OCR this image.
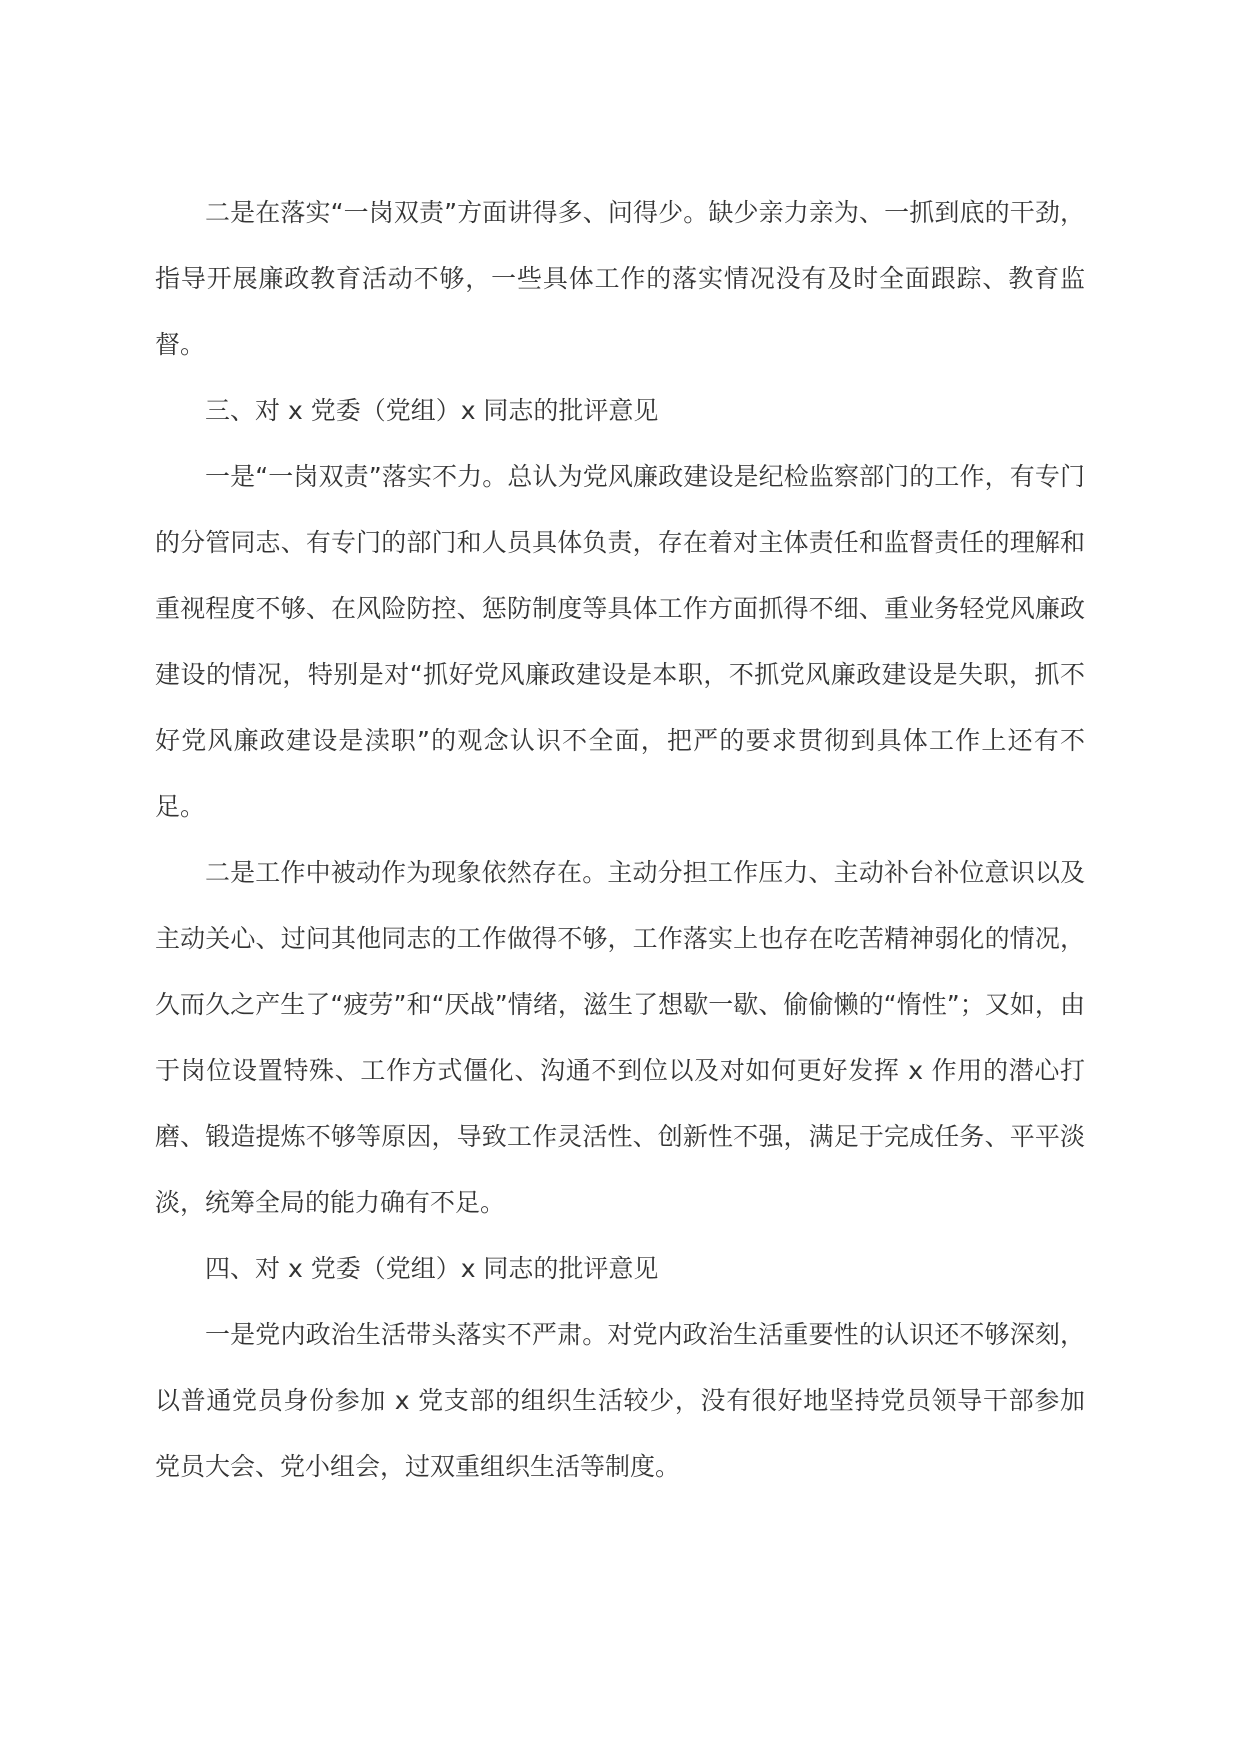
二是在落实“一岗双责”方面讲得多、问得少。缺少亲力亲为、一抓到底的干劲，指导开展廉政教育活动不够，一些具体工作的落实情况没有及时全面跟踪、教育监督。

三、对 x 党委（党组）x 同志的批评意见

一是“一岗双责”落实不力。总认为党风廉政建设是纪检监察部门的工作，有专门的分管同志、有专门的部门和人员具体负责，存在着对主体责任和监督责任的理解和重视程度不够、在风险防控、惩防制度等具体工作方面抓得不细、重业务轻党风廉政建设的情况，特别是对“抓好党风廉政建设是本职，不抓党风廉政建设是失职，抓不好党风廉政建设是渎职”的观念认识不全面，把严的要求贯彻到具体工作上还有不足。

二是工作中被动作为现象依然存在。主动分担工作压力、主动补台补位意识以及主动关心、过问其他同志的工作做得不够，工作落实上也存在吃苦精神弱化的情况，久而久之产生了“疲劳”和“厌战”情绪，滋生了想歇一歇、偷偷懒的“惰性”；又如，由于岗位设置特殊、工作方式僵化、沟通不到位以及对如何更好发挥 x 作用的潜心打磨、锻造提炼不够等原因，导致工作灵活性、创新性不强，满足于完成任务、平平淡淡，统筹全局的能力确有不足。

四、对 x 党委（党组）x 同志的批评意见

一是党内政治生活带头落实不严肃。对党内政治生活重要性的认识还不够深刻，以普通党员身份参加 x 党支部的组织生活较少，没有很好地坚持党员领导干部参加党员大会、党小组会，过双重组织生活等制度。
